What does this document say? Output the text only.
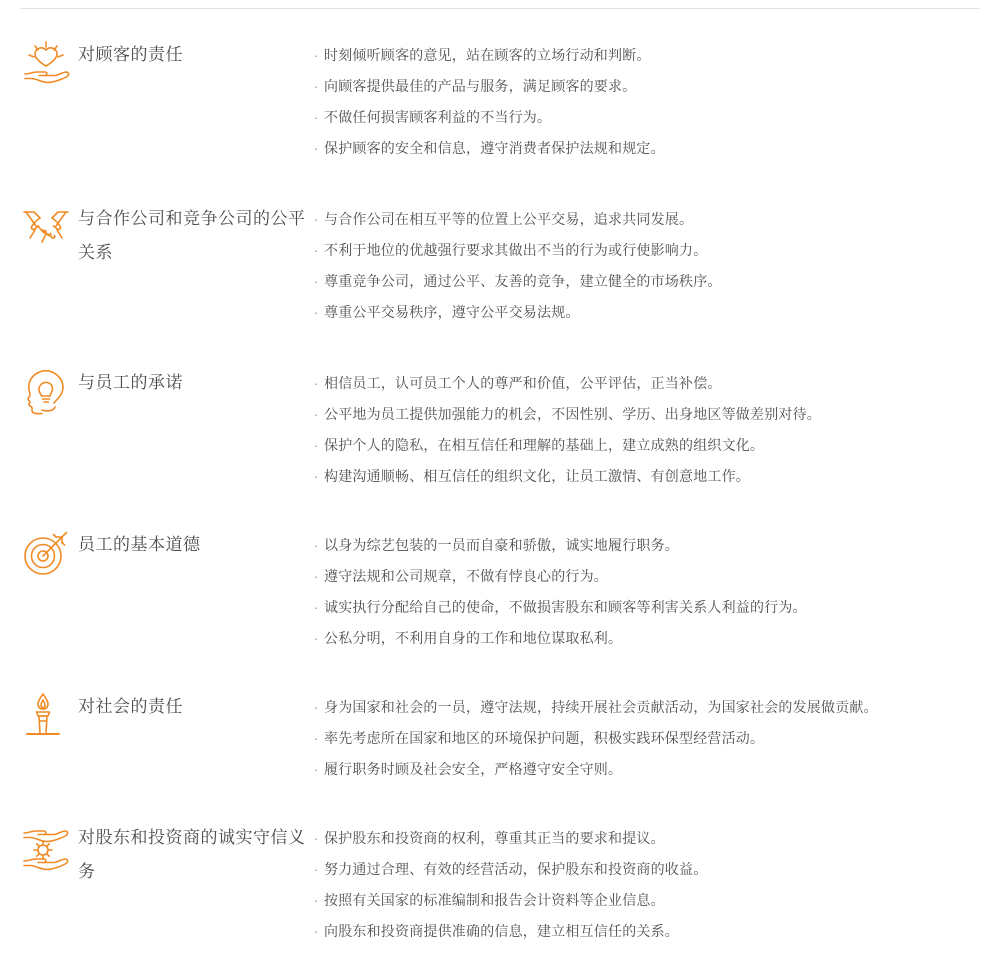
对顾客的责任	· 时刻倾听顾客的意见，站在顾客的立场行动和判断。
· 向顾客提供最佳的产品与服务，满足顾客的要求。
· 不做任何损害顾客利益的不当行为。
· 保护顾客的安全和信息，遵守消费者保护法规和规定。
与合作公司和竞争公司的公平关系
· 与合作公司在相互平等的位置上公平交易，追求共同发展。
· 不利于地位的优越强行要求其做出不当的行为或行使影响力。
· 尊重竞争公司，通过公平、友善的竞争，建立健全的市场秩序。
· 尊重公平交易秩序，遵守公平交易法规。
与员工的承诺	· 相信员工，认可员工个人的尊严和价值，公平评估，正当补偿。
· 公平地为员工提供加强能力的机会，不因性别、学历、出身地区等做差别对待。
· 保护个人的隐私，在相互信任和理解的基础上，建立成熟的组织文化。
· 构建沟通顺畅、相互信任的组织文化，让员工激情、有创意地工作。
员工的基本道德	· 以身为综艺包装的一员而自豪和骄傲，诚实地履行职务。
· 遵守法规和公司规章，不做有悖良心的行为。
· 诚实执行分配给自己的使命，不做损害股东和顾客等利害关系人利益的行为。
· 公私分明，不利用自身的工作和地位谋取私利。
对社会的责任	· 身为国家和社会的一员，遵守法规，持续开展社会贡献活动，为国家社会的发展做贡献。
· 率先考虑所在国家和地区的环境保护问题，积极实践环保型经营活动。
· 履行职务时顾及社会安全，严格遵守安全守则。
对股东和投资商的诚实守信义务
· 保护股东和投资商的权利，尊重其正当的要求和提议。
· 努力通过合理、有效的经营活动，保护股东和投资商的收益。
· 按照有关国家的标准编制和报告会计资料等企业信息。
· 向股东和投资商提供准确的信息，建立相互信任的关系。
